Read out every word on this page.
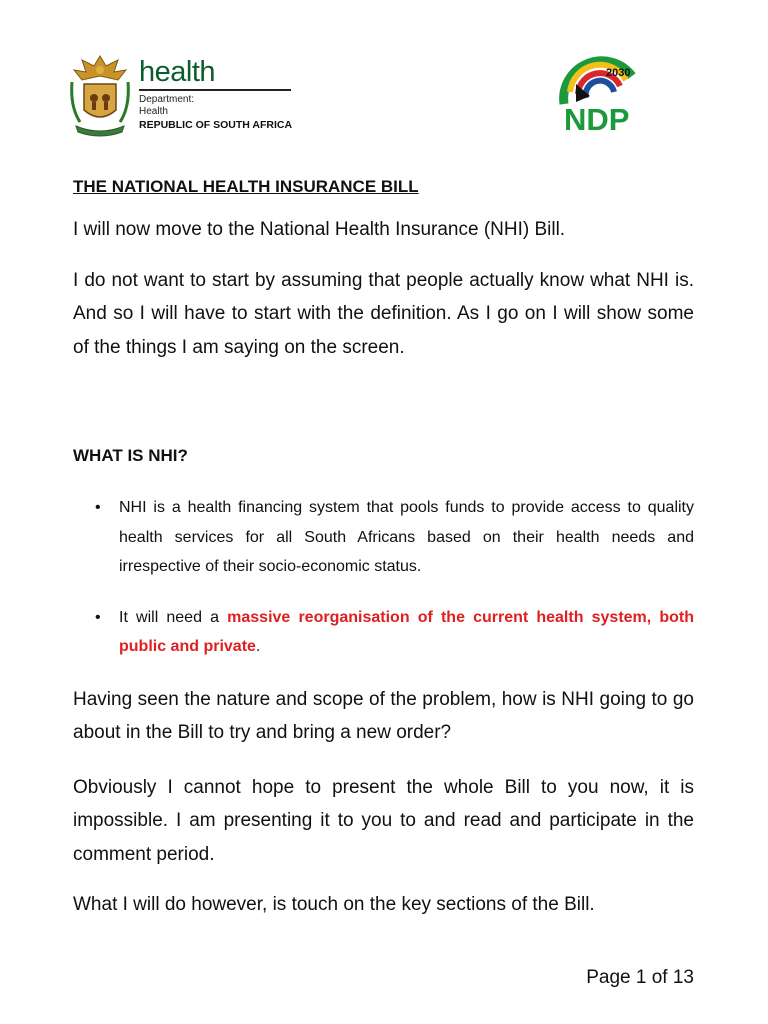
health
Department:
Health
REPUBLIC OF SOUTH AFRICA
2030
NDP
THE NATIONAL HEALTH INSURANCE BILL

I will now move to the National Health Insurance (NHI) Bill.

I do not want to start by assuming that people actually know what NHI is. And so I will have to start with the definition. As I go on I will show some of the things I am saying on the screen.

WHAT IS NHI?
• NHI is a health financing system that pools funds to provide access to quality health services for all South Africans based on their health needs and irrespective of their socio-economic status.
• It will need a massive reorganisation of the current health system, both public and private.

Having seen the nature and scope of the problem, how is NHI going to go about in the Bill to try and bring a new order?

Obviously I cannot hope to present the whole Bill to you now, it is impossible. I am presenting it to you to and read and participate in the comment period.

What I will do however, is touch on the key sections of the Bill.

Page 1 of 13
